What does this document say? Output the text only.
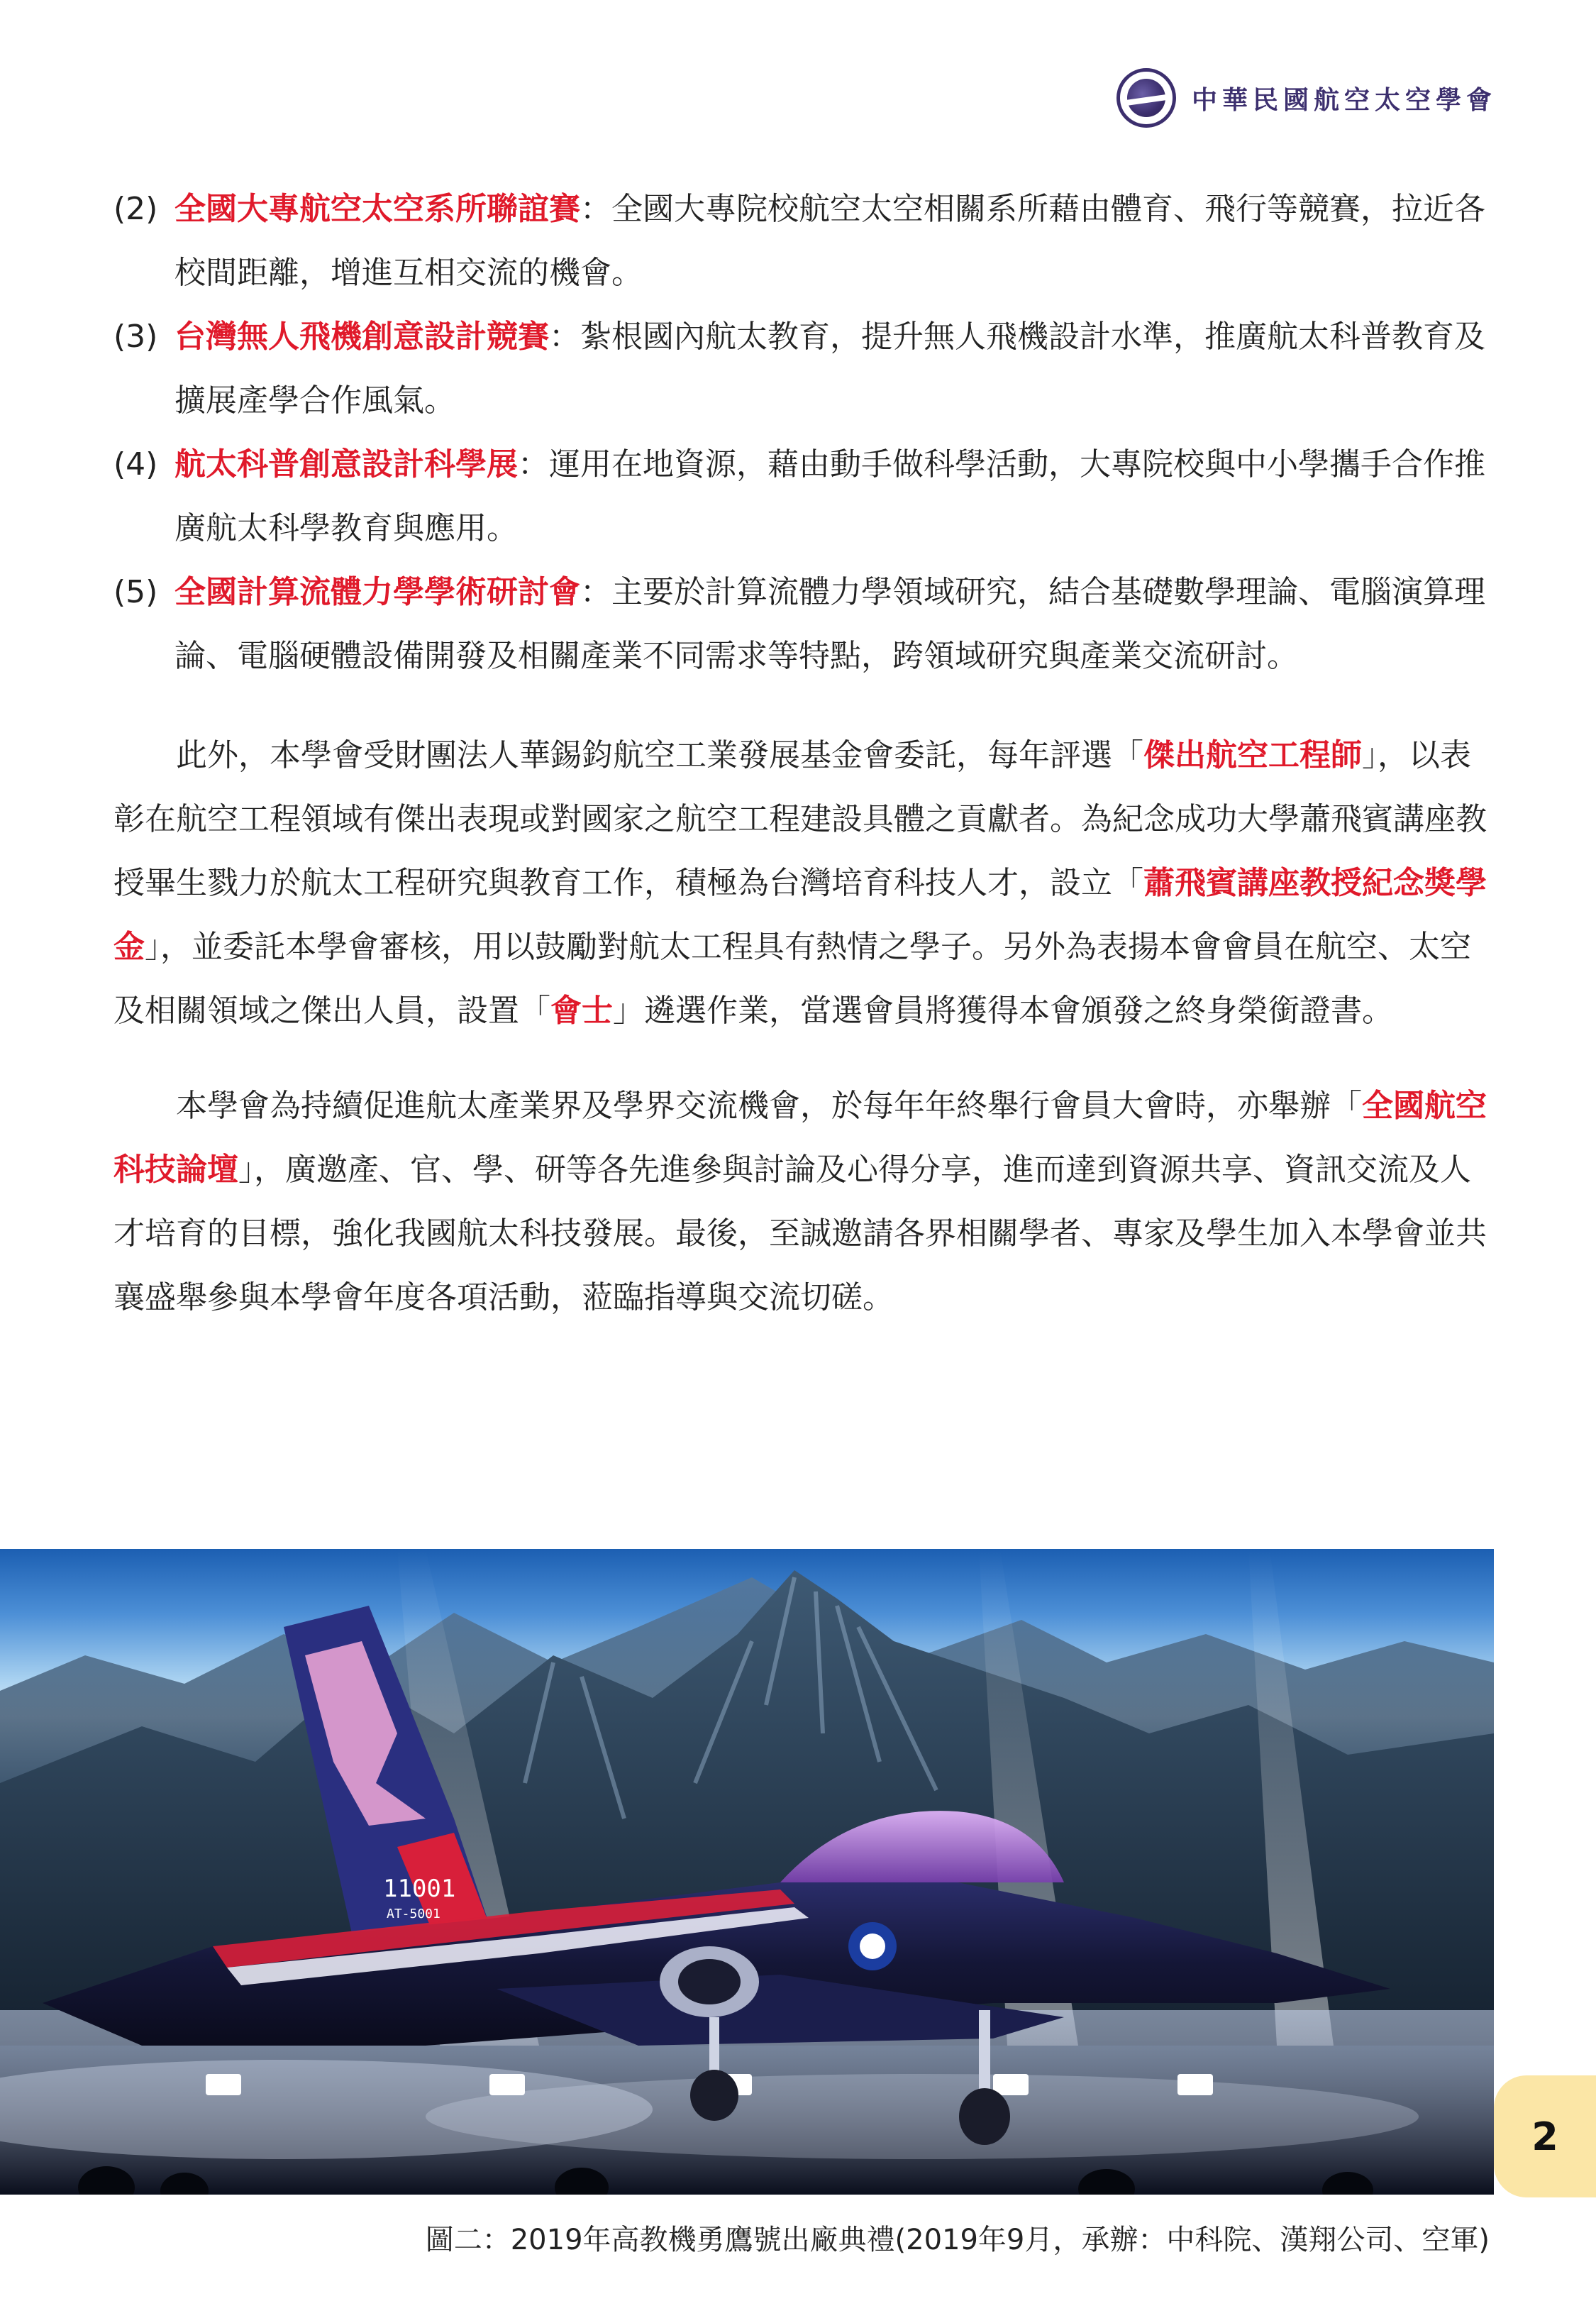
中華民國航空太空學會
(2) 全國大專航空太空系所聯誼賽：全國大專院校航空太空相關系所藉由體育、飛行等競賽，拉近各校間距離，增進互相交流的機會。
(3) 台灣無人飛機創意設計競賽：紮根國內航太教育，提升無人飛機設計水準，推廣航太科普教育及擴展產學合作風氣。
(4) 航太科普創意設計科學展：運用在地資源，藉由動手做科學活動，大專院校與中小學攜手合作推廣航太科學教育與應用。
(5) 全國計算流體力學學術研討會：主要於計算流體力學領域研究，結合基礎數學理論、電腦演算理論、電腦硬體設備開發及相關產業不同需求等特點，跨領域研究與產業交流研討。

此外，本學會受財團法人華錫鈞航空工業發展基金會委託，每年評選「傑出航空工程師」，以表彰在航空工程領域有傑出表現或對國家之航空工程建設具體之貢獻者。為紀念成功大學蕭飛賓講座教授畢生戮力於航太工程研究與教育工作，積極為台灣培育科技人才，設立「蕭飛賓講座教授紀念獎學金」，並委託本學會審核，用以鼓勵對航太工程具有熱情之學子。另外為表揚本會會員在航空、太空及相關領域之傑出人員，設置「會士」遴選作業，當選會員將獲得本會頒發之終身榮銜證書。

本學會為持續促進航太產業界及學界交流機會，於每年年終舉行會員大會時，亦舉辦「全國航空科技論壇」，廣邀產、官、學、研等各先進參與討論及心得分享，進而達到資源共享、資訊交流及人才培育的目標，強化我國航太科技發展。最後，至誠邀請各界相關學者、專家及學生加入本學會並共襄盛舉參與本學會年度各項活動，蒞臨指導與交流切磋。

11001
AT-5001
圖二：2019年高教機勇鷹號出廠典禮(2019年9月，承辦：中科院、漢翔公司、空軍)
2
